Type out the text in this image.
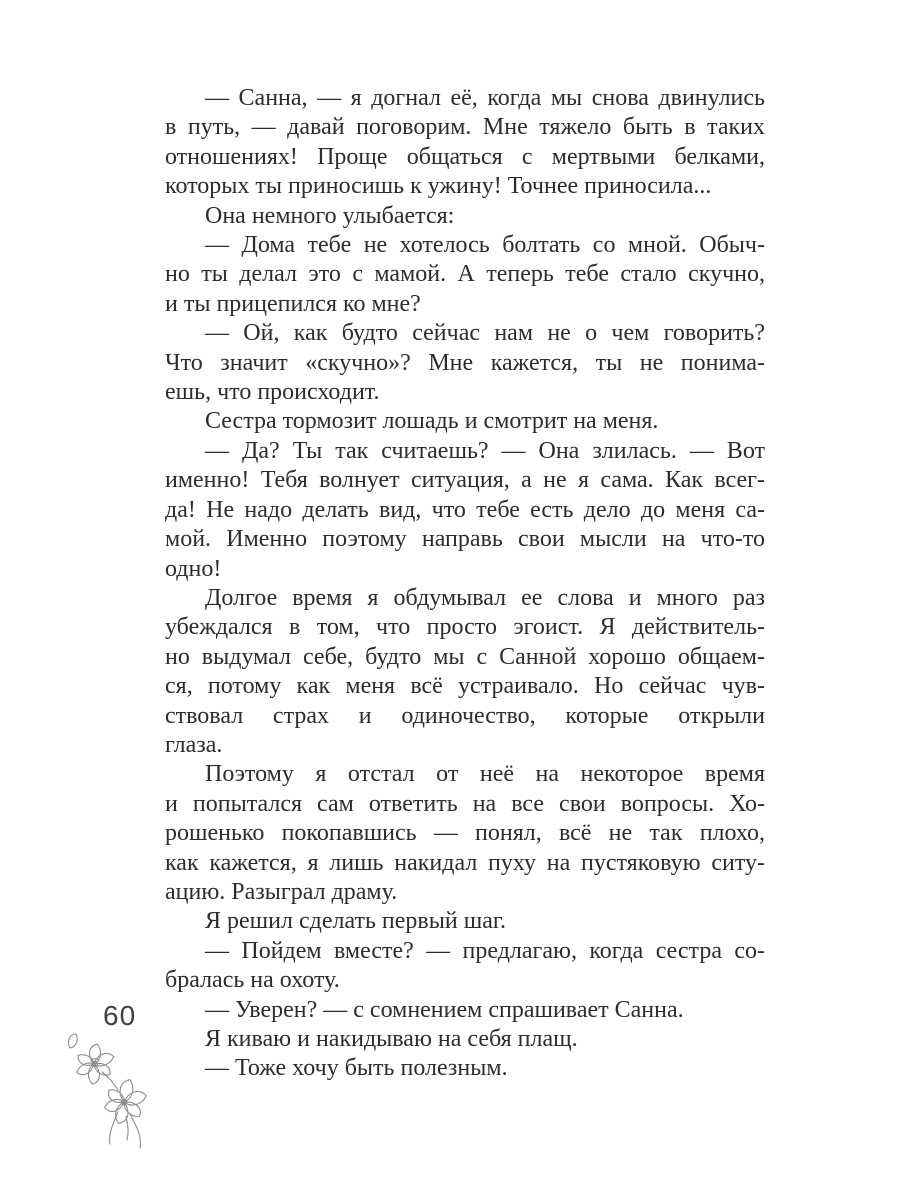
— Санна, — я догнал её, когда мы снова двинулись
в путь, — давай поговорим. Мне тяжело быть в таких
отношениях! Проще общаться с мертвыми белками,
которых ты приносишь к ужину! Точнее приносила...
Она немного улыбается:
— Дома тебе не хотелось болтать со мной. Обыч-
но ты делал это с мамой. А теперь тебе стало скучно,
и ты прицепился ко мне?
— Ой, как будто сейчас нам не о чем говорить?
Что значит «скучно»? Мне кажется, ты не понима-
ешь, что происходит.
Сестра тормозит лошадь и смотрит на меня.
— Да? Ты так считаешь? — Она злилась. — Вот
именно! Тебя волнует ситуация, а не я сама. Как всег-
да! Не надо делать вид, что тебе есть дело до меня са-
мой. Именно поэтому направь свои мысли на что-то
одно!
Долгое время я обдумывал ее слова и много раз
убеждался в том, что просто эгоист. Я действитель-
но выдумал себе, будто мы с Санной хорошо общаем-
ся, потому как меня всё устраивало. Но сейчас чув-
ствовал страх и одиночество, которые открыли
глаза.
Поэтому я отстал от неё на некоторое время
и попытался сам ответить на все свои вопросы. Хо-
рошенько покопавшись — понял, всё не так плохо,
как кажется, я лишь накидал пуху на пустяковую ситу-
ацию. Разыграл драму.
Я решил сделать первый шаг.
— Пойдем вместе? — предлагаю, когда сестра со-
бралась на охоту.
— Уверен? — с сомнением спрашивает Санна.
Я киваю и накидываю на себя плащ.
— Тоже хочу быть полезным.
60
